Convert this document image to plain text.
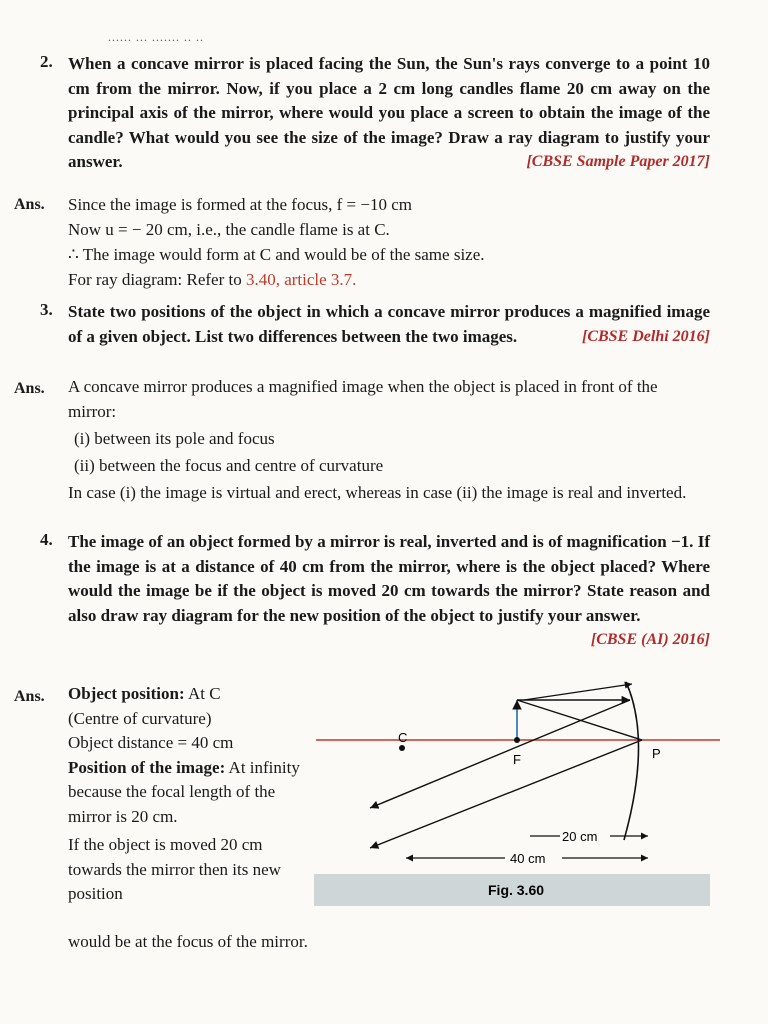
...... ... ....... .. ..
2. When a concave mirror is placed facing the Sun, the Sun's rays converge to a point 10 cm from the mirror. Now, if you place a 2 cm long candles flame 20 cm away on the principal axis of the mirror, where would you place a screen to obtain the image of the candle? What would you see the size of the image? Draw a ray diagram to justify your answer.	[CBSE Sample Paper 2017]
Ans. Since the image is formed at the focus, f = −10 cm

Now u = − 20 cm, i.e., the candle flame is at C.

∴ The image would form at C and would be of the same size.

For ray diagram: Refer to 3.40, article 3.7.

3. State two positions of the object in which a concave mirror produces a magnified image of a given object. List two differences between the two images.	[CBSE Delhi 2016]
Ans. A concave mirror produces a magnified image when the object is placed in front of the mirror:

(i) between its pole and focus

(ii) between the focus and centre of curvature

In case (i) the image is virtual and erect, whereas in case (ii) the image is real and inverted.

4. The image of an object formed by a mirror is real, inverted and is of magnification −1. If the image is at a distance of 40 cm from the mirror, where is the object placed? Where would the image be if the object is moved 20 cm towards the mirror? State reason and also draw ray diagram for the new position of the object to justify your answer.
[CBSE (AI) 2016]
Ans. Object position: At C

(Centre of curvature)

Object distance = 40 cm

Position of the image: At infinity because the focal length of the mirror is 20 cm.

If the object is moved 20 cm towards the mirror then its new position

would be at the focus of the mirror.
C
F	P
20 cm
40 cm
Fig. 3.60
